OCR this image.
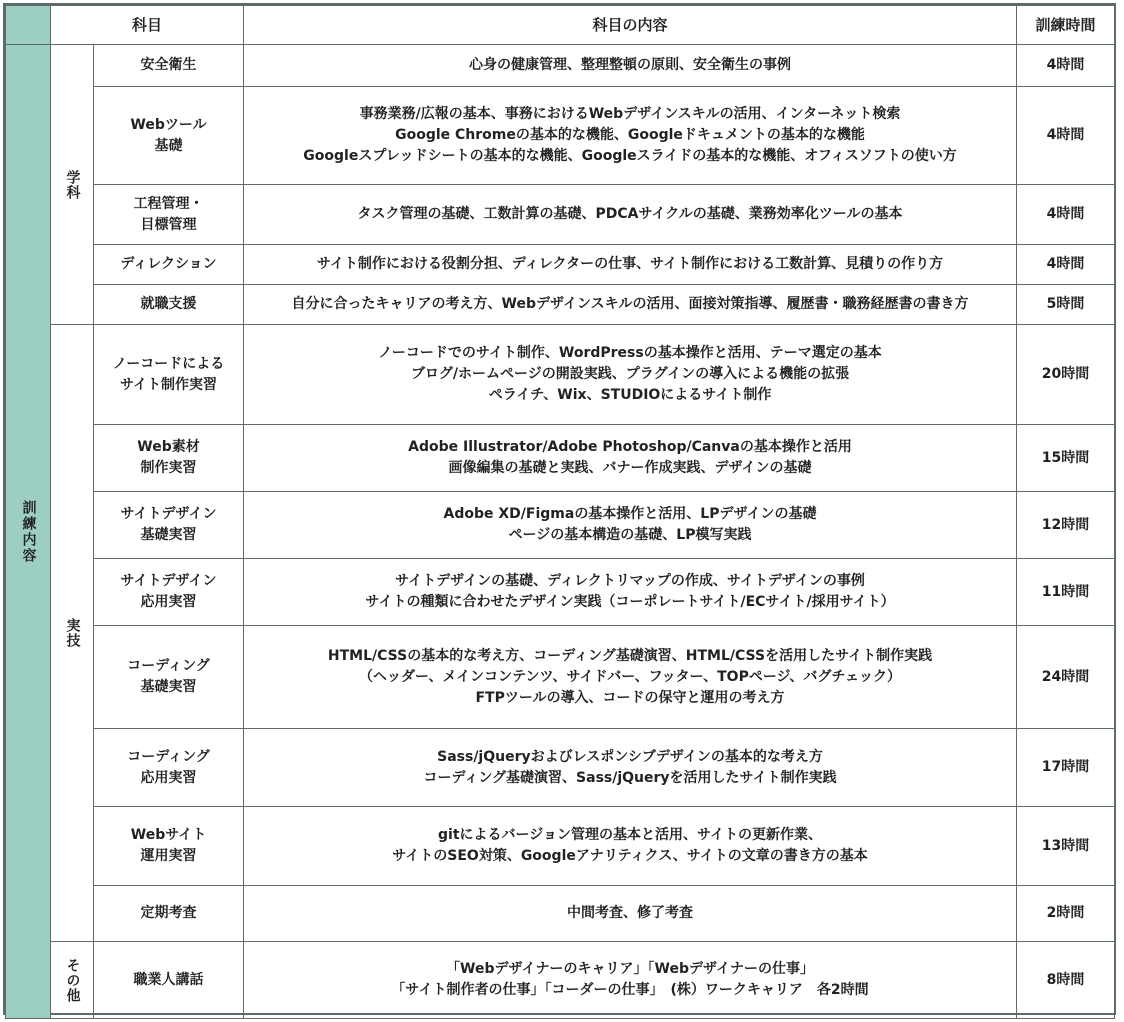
	科目		科目の内容	訓練時間
訓練内容	学科	安全衛生	心身の健康管理、整理整頓の原則、安全衛生の事例	4時間

		Webツール
基礎	事務業務/広報の基本、事務におけるWebデザインスキルの活用、インターネット検索
Google Chromeの基本的な機能、Googleドキュメントの基本的な機能
Googleスプレッドシートの基本的な機能、Googleスライドの基本的な機能、オフィスソフトの使い方	4時間

		工程管理・
目標管理	タスク管理の基礎、工数計算の基礎、PDCAサイクルの基礎、業務効率化ツールの基本	4時間

		ディレクション	サイト制作における役割分担、ディレクターの仕事、サイト制作における工数計算、見積りの作り方	4時間

		就職支援	自分に合ったキャリアの考え方、Webデザインスキルの活用、面接対策指導、履歴書・職務経歴書の書き方	5時間
	実技	ノーコードによる
サイト制作実習	ノーコードでのサイト制作、WordPressの基本操作と活用、テーマ選定の基本
ブログ/ホームページの開設実践、プラグインの導入による機能の拡張
ペライチ、Wix、STUDIOによるサイト制作	20時間

		Web素材
制作実習	Adobe Illustrator/Adobe Photoshop/Canvaの基本操作と活用
画像編集の基礎と実践、バナー作成実践、デザインの基礎	15時間

		サイトデザイン
基礎実習	Adobe XD/Figmaの基本操作と活用、LPデザインの基礎
ページの基本構造の基礎、LP模写実践	12時間

		サイトデザイン
応用実習	サイトデザインの基礎、ディレクトリマップの作成、サイトデザインの事例
サイトの種類に合わせたデザイン実践（コーポレートサイト/ECサイト/採用サイト）	11時間

		コーディング
基礎実習	HTML/CSSの基本的な考え方、コーディング基礎演習、HTML/CSSを活用したサイト制作実践
（ヘッダー、メインコンテンツ、サイドバー、フッター、TOPページ、バグチェック）
FTPツールの導入、コードの保守と運用の考え方	24時間

		コーディング
応用実習	Sass/jQueryおよびレスポンシブデザインの基本的な考え方
コーディング基礎演習、Sass/jQueryを活用したサイト制作実践	17時間

		Webサイト
運用実習	gitによるバージョン管理の基本と活用、サイトの更新作業、
サイトのSEO対策、Googleアナリティクス、サイトの文章の書き方の基本	13時間

		定期考査	中間考査、修了考査	2時間
	その他	職業人講話	「Webデザイナーのキャリア」「Webデザイナーの仕事」
「サイト制作者の仕事」「コーダーの仕事」　(株）ワークキャリア　各2時間	8時間
